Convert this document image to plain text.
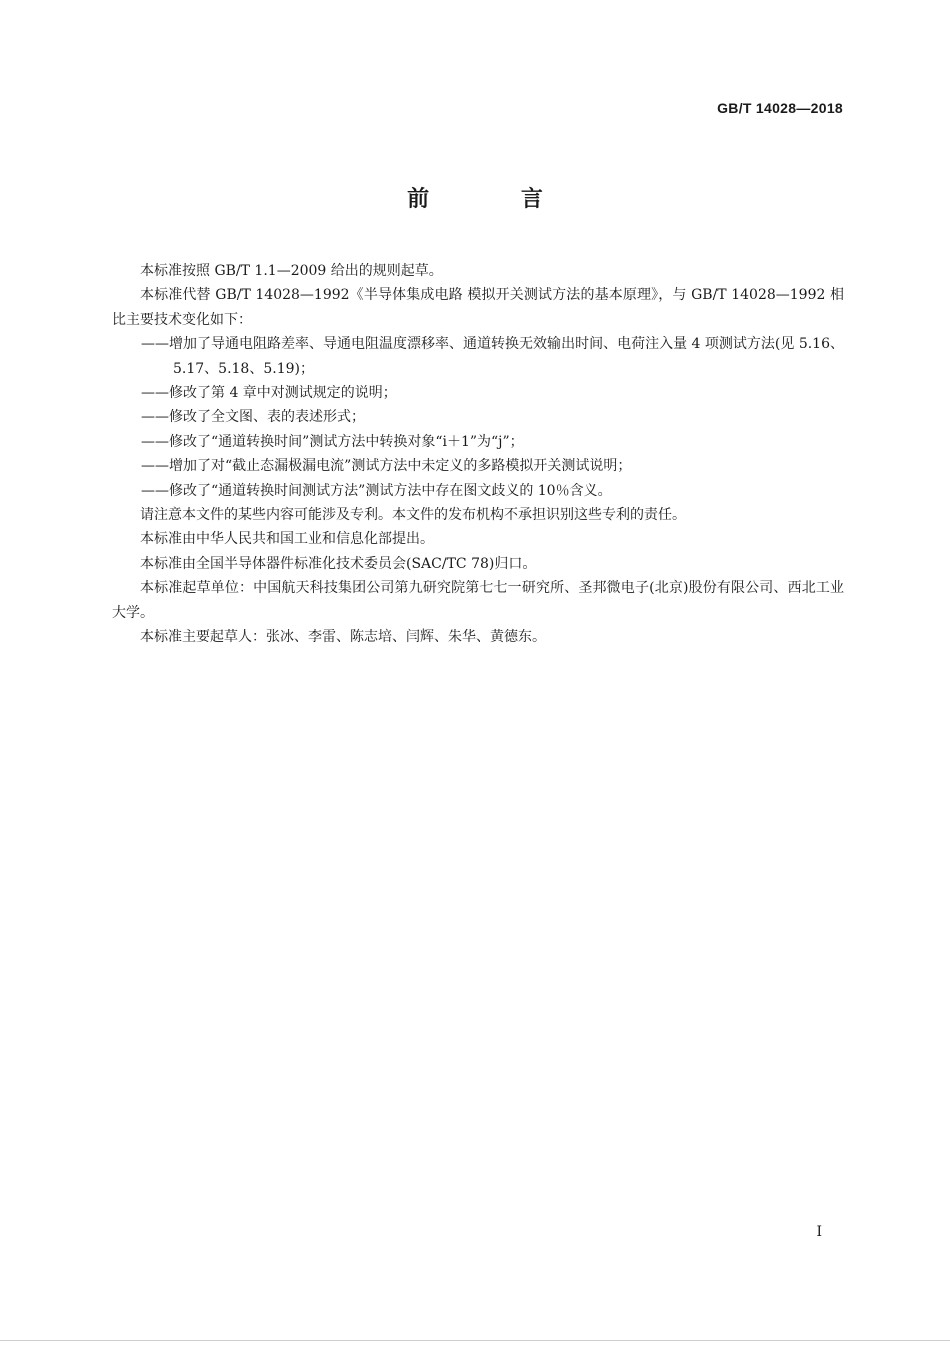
GB/T 14028—2018
前 言

本标准按照 GB/T 1.1—2009 给出的规则起草。

本标准代替 GB/T 14028—1992《半导体集成电路 模拟开关测试方法的基本原理》，与 GB/T 14028—1992 相比主要技术变化如下：

——增加了导通电阻路差率、导通电阻温度漂移率、通道转换无效输出时间、电荷注入量 4 项测试方法(见 5.16、5.17、5.18、5.19)；

——修改了第 4 章中对测试规定的说明；

——修改了全文图、表的表述形式；

——修改了“通道转换时间”测试方法中转换对象“i＋1”为“j”；

——增加了对“截止态漏极漏电流”测试方法中未定义的多路模拟开关测试说明；

——修改了“通道转换时间测试方法”测试方法中存在图文歧义的 10％含义。

请注意本文件的某些内容可能涉及专利。本文件的发布机构不承担识别这些专利的责任。

本标准由中华人民共和国工业和信息化部提出。

本标准由全国半导体器件标准化技术委员会(SAC/TC 78)归口。

本标准起草单位：中国航天科技集团公司第九研究院第七七一研究所、圣邦微电子(北京)股份有限公司、西北工业大学。

本标准主要起草人：张冰、李雷、陈志培、闫辉、朱华、黄德东。

I
